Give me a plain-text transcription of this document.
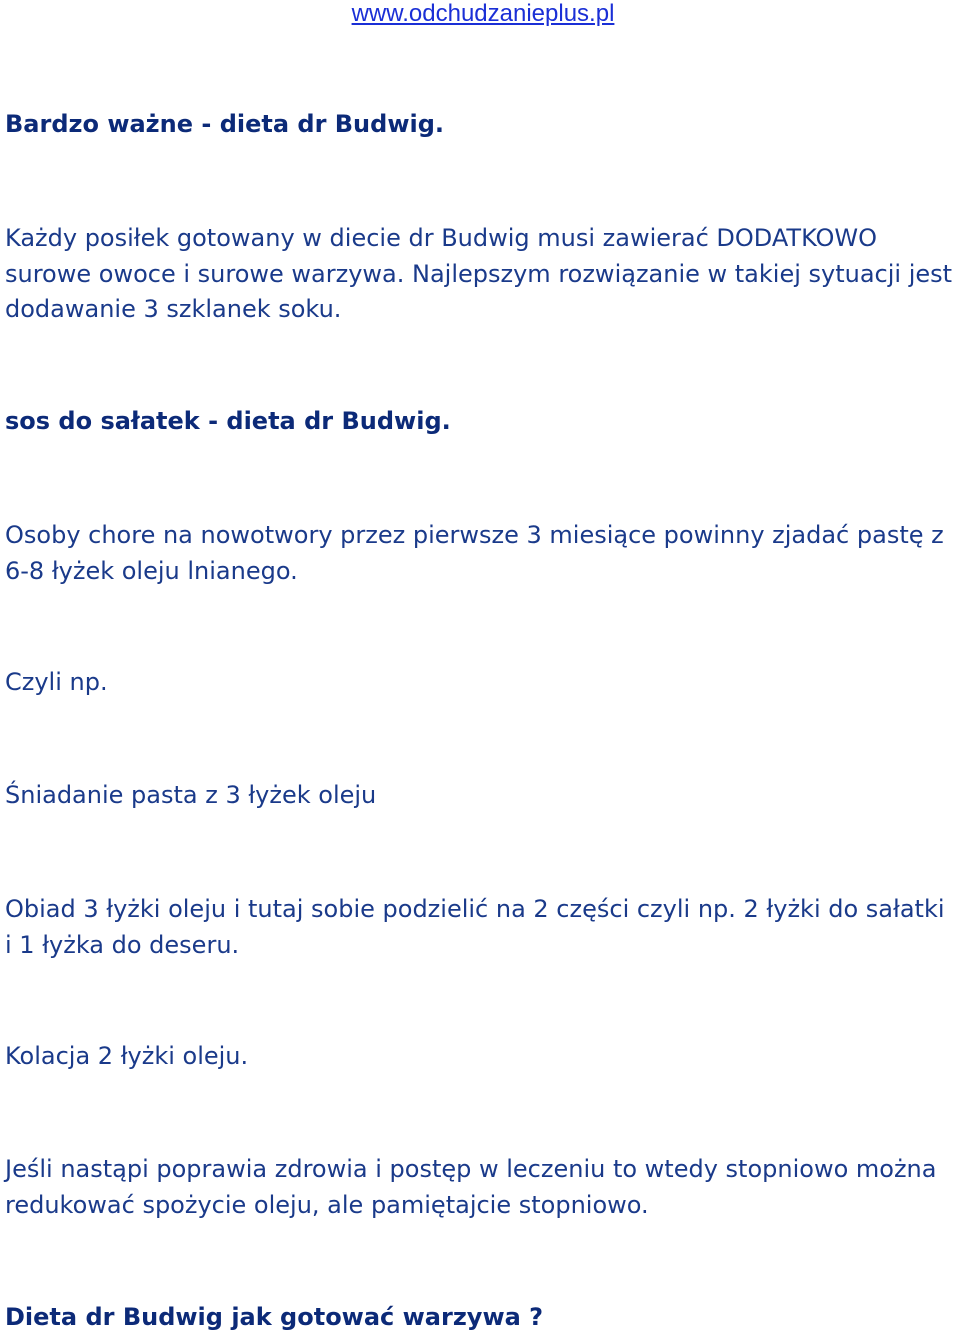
www.odchudzanieplus.pl

Bardzo ważne - dieta dr Budwig.

Każdy posiłek gotowany w diecie dr Budwig musi zawierać DODATKOWO surowe owoce i surowe warzywa. Najlepszym rozwiązanie w takiej sytuacji jest dodawanie 3 szklanek soku.

sos do sałatek - dieta dr Budwig.

Osoby chore na nowotwory przez pierwsze 3 miesiące powinny zjadać pastę z 6-8 łyżek oleju lnianego.

Czyli np.

Śniadanie pasta z 3 łyżek oleju

Obiad 3 łyżki oleju i tutaj sobie podzielić na 2 części czyli np. 2 łyżki do sałatki i 1 łyżka do deseru.

Kolacja 2 łyżki oleju.

Jeśli nastąpi poprawia zdrowia i postęp w leczeniu to wtedy stopniowo można redukować spożycie oleju, ale pamiętajcie stopniowo.

Dieta dr Budwig jak gotować warzywa ?
